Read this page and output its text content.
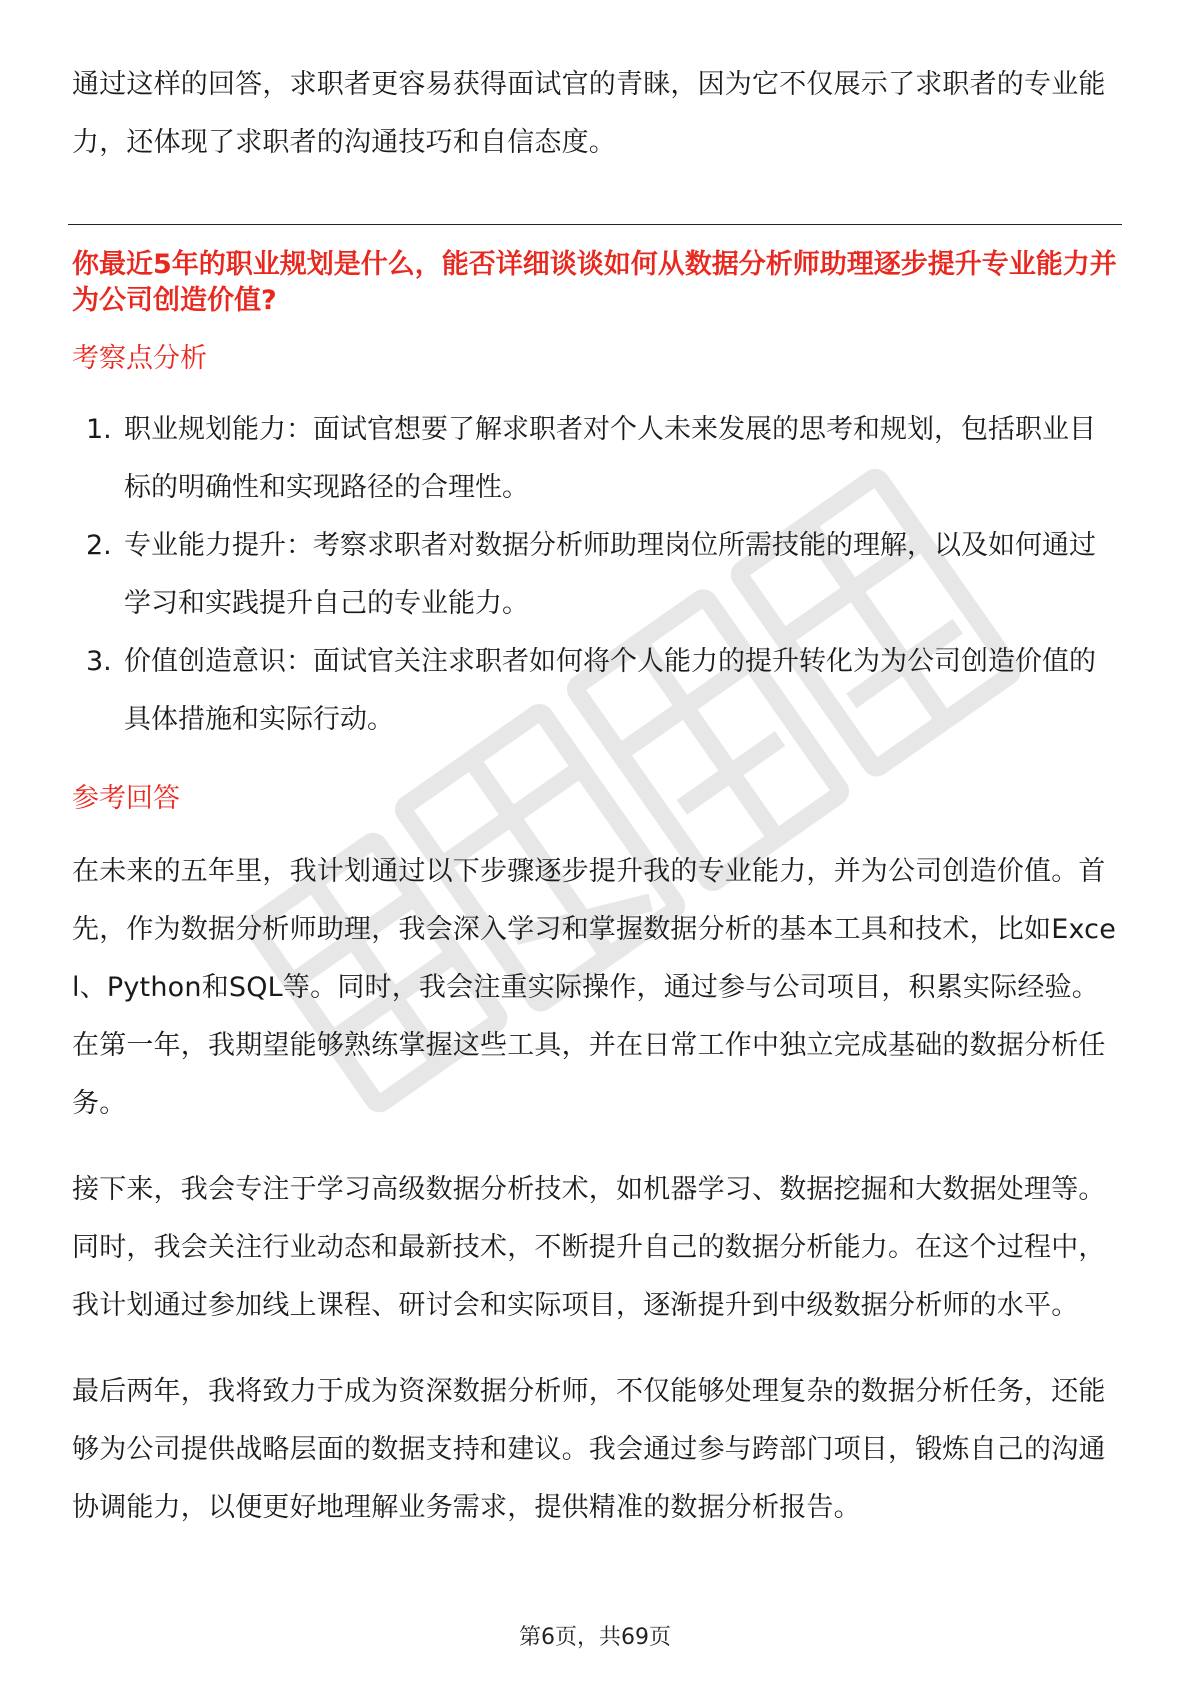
通过这样的回答，求职者更容易获得面试官的青睐，因为它不仅展示了求职者的专业能力，还体现了求职者的沟通技巧和自信态度。

你最近5年的职业规划是什么，能否详细谈谈如何从数据分析师助理逐步提升专业能力并为公司创造价值?
考察点分析
1. 职业规划能力：面试官想要了解求职者对个人未来发展的思考和规划，包括职业目标的明确性和实现路径的合理性。
2. 专业能力提升：考察求职者对数据分析师助理岗位所需技能的理解，以及如何通过学习和实践提升自己的专业能力。
3. 价值创造意识：面试官关注求职者如何将个人能力的提升转化为为公司创造价值的具体措施和实际行动。
参考回答

在未来的五年里，我计划通过以下步骤逐步提升我的专业能力，并为公司创造价值。首先，作为数据分析师助理，我会深入学习和掌握数据分析的基本工具和技术，比如Excel、Python和SQL等。同时，我会注重实际操作，通过参与公司项目，积累实际经验。在第一年，我期望能够熟练掌握这些工具，并在日常工作中独立完成基础的数据分析任务。

接下来，我会专注于学习高级数据分析技术，如机器学习、数据挖掘和大数据处理等。同时，我会关注行业动态和最新技术，不断提升自己的数据分析能力。在这个过程中，我计划通过参加线上课程、研讨会和实际项目，逐渐提升到中级数据分析师的水平。

最后两年，我将致力于成为资深数据分析师，不仅能够处理复杂的数据分析任务，还能够为公司提供战略层面的数据支持和建议。我会通过参与跨部门项目，锻炼自己的沟通协调能力，以便更好地理解业务需求，提供精准的数据分析报告。

第6页，共69页
